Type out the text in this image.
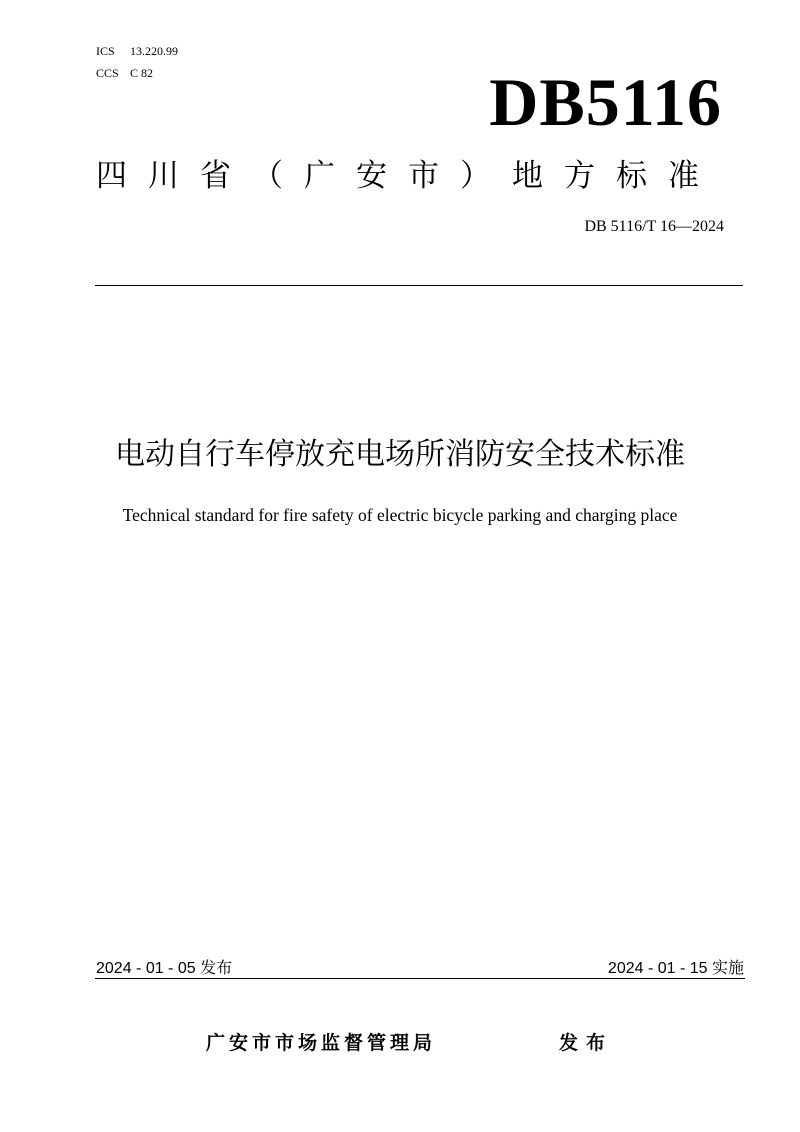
ICS 13.220.99
CCS C 82	DB5116
四川省（广安市）地方标准
DB 5116/T 16—2024
电动自行车停放充电场所消防安全技术标准
Technical standard for fire safety of electric bicycle parking and charging place
2024 - 01 - 05 发布	2024 - 01 - 15 实施
广安市市场监督管理局	发布
